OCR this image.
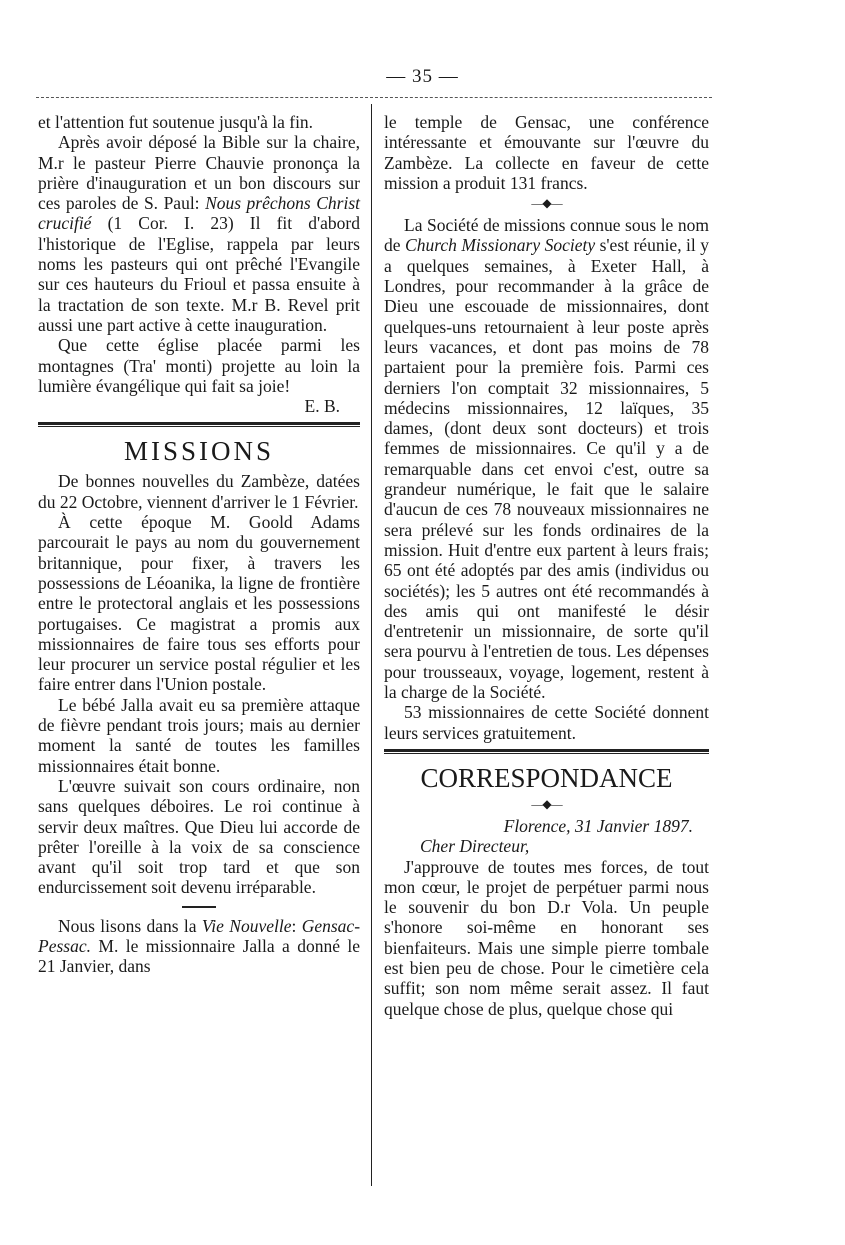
— 35 —

et l'attention fut soutenue jusqu'à la fin.

Après avoir déposé la Bible sur la chaire, M.r le pasteur Pierre Chauvie prononça la prière d'inauguration et un bon discours sur ces paroles de S. Paul: Nous prêchons Christ crucifié (1 Cor. I. 23) Il fit d'abord l'historique de l'Eglise, rappela par leurs noms les pasteurs qui ont prêché l'Evangile sur ces hauteurs du Frioul et passa ensuite à la tractation de son texte. M.r B. Revel prit aussi une part active à cette inauguration.

Que cette église placée parmi les montagnes (Tra' monti) projette au loin la lumière évangélique qui fait sa joie!

E. B.

MISSIONS

De bonnes nouvelles du Zambèze, datées du 22 Octobre, viennent d'arriver le 1 Février.

À cette époque M. Goold Adams parcourait le pays au nom du gouvernement britannique, pour fixer, à travers les possessions de Léoanika, la ligne de frontière entre le protectoral anglais et les possessions portugaises. Ce magistrat a promis aux missionnaires de faire tous ses efforts pour leur procurer un service postal régulier et les faire entrer dans l'Union postale.

Le bébé Jalla avait eu sa première attaque de fièvre pendant trois jours; mais au dernier moment la santé de toutes les familles missionnaires était bonne.

L'œuvre suivait son cours ordinaire, non sans quelques déboires. Le roi continue à servir deux maîtres. Que Dieu lui accorde de prêter l'oreille à la voix de sa conscience avant qu'il soit trop tard et que son endurcissement soit devenu irréparable.

Nous lisons dans la Vie Nouvelle: Gensac-Pessac. M. le missionnaire Jalla a donné le 21 Janvier, dans

le temple de Gensac, une conférence intéressante et émouvante sur l'œuvre du Zambèze. La collecte en faveur de cette mission a produit 131 francs.

—◆—

La Société de missions connue sous le nom de Church Missionary Society s'est réunie, il y a quelques semaines, à Exeter Hall, à Londres, pour recommander à la grâce de Dieu une escouade de missionnaires, dont quelques-uns retournaient à leur poste après leurs vacances, et dont pas moins de 78 partaient pour la première fois. Parmi ces derniers l'on comptait 32 missionnaires, 5 médecins missionnaires, 12 laïques, 35 dames, (dont deux sont docteurs) et trois femmes de missionnaires. Ce qu'il y a de remarquable dans cet envoi c'est, outre sa grandeur numérique, le fait que le salaire d'aucun de ces 78 nouveaux missionnaires ne sera prélevé sur les fonds ordinaires de la mission. Huit d'entre eux partent à leurs frais; 65 ont été adoptés par des amis (individus ou sociétés); les 5 autres ont été recommandés à des amis qui ont manifesté le désir d'entretenir un missionnaire, de sorte qu'il sera pourvu à l'entretien de tous. Les dépenses pour trousseaux, voyage, logement, restent à la charge de la Société.

53 missionnaires de cette Société donnent leurs services gratuitement.

CORRESPONDANCE

—◆—

Florence, 31 Janvier 1897.

Cher Directeur,

J'approuve de toutes mes forces, de tout mon cœur, le projet de perpétuer parmi nous le souvenir du bon D.r Vola. Un peuple s'honore soi-même en honorant ses bienfaiteurs. Mais une simple pierre tombale est bien peu de chose. Pour le cimetière cela suffit; son nom même serait assez. Il faut quelque chose de plus, quelque chose qui
